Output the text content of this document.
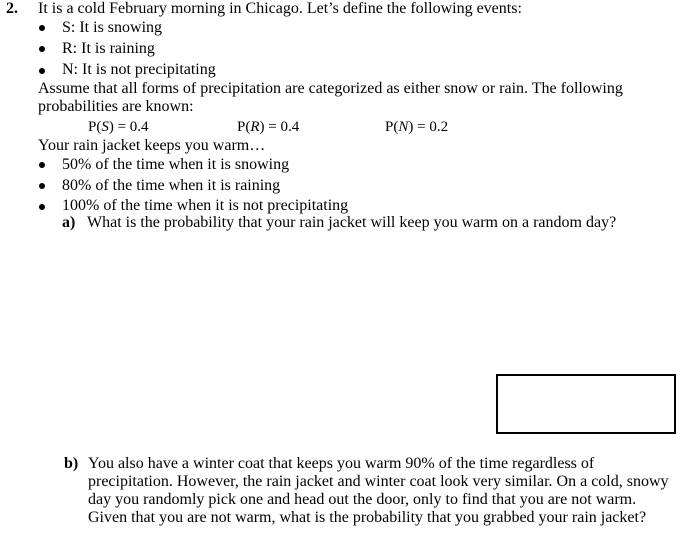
2. It is a cold February morning in Chicago. Let’s define the following events:
S: It is snowing
R: It is raining
N: It is not precipitating
Assume that all forms of precipitation are categorized as either snow or rain. The following
probabilities are known:
P(S) = 0.4	P(R) = 0.4	P(N) = 0.2
Your rain jacket keeps you warm…
50% of the time when it is snowing
80% of the time when it is raining
100% of the time when it is not precipitating
a) What is the probability that your rain jacket will keep you warm on a random day?
b) You also have a winter coat that keeps you warm 90% of the time regardless of precipitation. However, the rain jacket and winter coat look very similar. On a cold, snowy day you randomly pick one and head out the door, only to find that you are not warm. Given that you are not warm, what is the probability that you grabbed your rain jacket?
